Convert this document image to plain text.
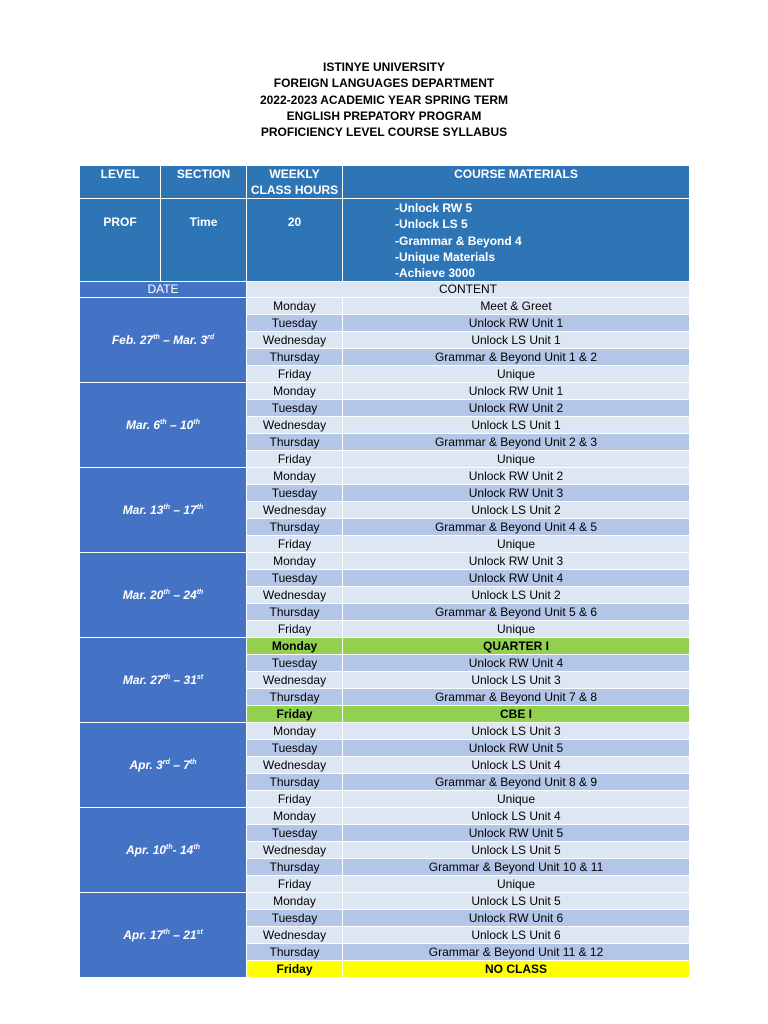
ISTINYE UNIVERSITY
FOREIGN LANGUAGES DEPARTMENT
2022-2023 ACADEMIC YEAR SPRING TERM
ENGLISH PREPATORY PROGRAM
PROFICIENCY LEVEL COURSE SYLLABUS
LEVEL	SECTION	WEEKLY
CLASS HOURS	COURSE MATERIALS
PROF	Time	20	-Unlock RW 5
-Unlock LS 5
-Grammar & Beyond 4
-Unique Materials
-Achieve 3000

DATE		CONTENT	
Feb. 27th – Mar. 3rd		Monday	Meet & Greet
		Tuesday	Unlock RW Unit 1
		Wednesday	Unlock LS Unit 1
		Thursday	Grammar & Beyond Unit 1 & 2
		Friday	Unique
Mar. 6th – 10th		Monday	Unlock RW Unit 1
		Tuesday	Unlock RW Unit 2
		Wednesday	Unlock LS Unit 1
		Thursday	Grammar & Beyond Unit 2 & 3
		Friday	Unique
Mar. 13th – 17th		Monday	Unlock RW Unit 2
		Tuesday	Unlock RW Unit 3
		Wednesday	Unlock LS Unit 2
		Thursday	Grammar & Beyond Unit 4 & 5
		Friday	Unique
Mar. 20th – 24th		Monday	Unlock RW Unit 3
		Tuesday	Unlock RW Unit 4
		Wednesday	Unlock LS Unit 2
		Thursday	Grammar & Beyond Unit 5 & 6
		Friday	Unique
Mar. 27th – 31st		Monday	QUARTER I
		Tuesday	Unlock RW Unit 4
		Wednesday	Unlock LS Unit 3
		Thursday	Grammar & Beyond Unit 7 & 8
		Friday	CBE I
Apr. 3rd – 7th		Monday	Unlock LS Unit 3
		Tuesday	Unlock RW Unit 5
		Wednesday	Unlock LS Unit 4
		Thursday	Grammar & Beyond Unit 8 & 9
		Friday	Unique
Apr. 10th- 14th		Monday	Unlock LS Unit 4
		Tuesday	Unlock RW Unit 5
		Wednesday	Unlock LS Unit 5
		Thursday	Grammar & Beyond Unit 10 & 11
		Friday	Unique
Apr. 17th – 21st		Monday	Unlock LS Unit 5
		Tuesday	Unlock RW Unit 6
		Wednesday	Unlock LS Unit 6
		Thursday	Grammar & Beyond Unit 11 & 12
		Friday	NO CLASS
